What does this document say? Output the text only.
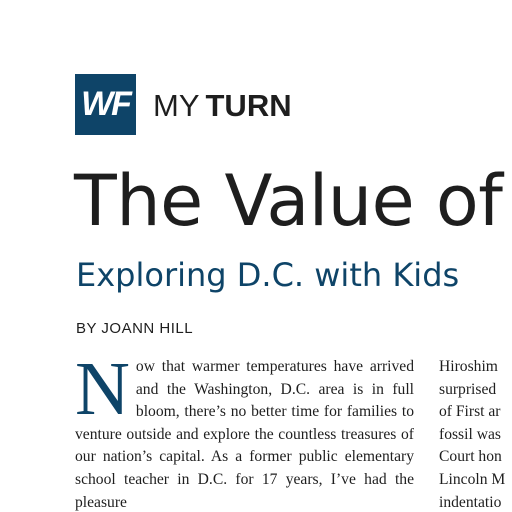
WF MY TURN
The Value of
Exploring D.C. with Kids
BY JOANN HILL
N ow that warmer temperatures have arrived and the Washington, D.C. area is in full bloom, there’s no better time for families to venture outside and explore the countless treasures of our nation’s capital. As a former public elementary school teacher in D.C. for 17 years, I’ve had the pleasure
Hiroshim
surprised
of First ar
fossil was
Court hon
Lincoln M
indentatio
